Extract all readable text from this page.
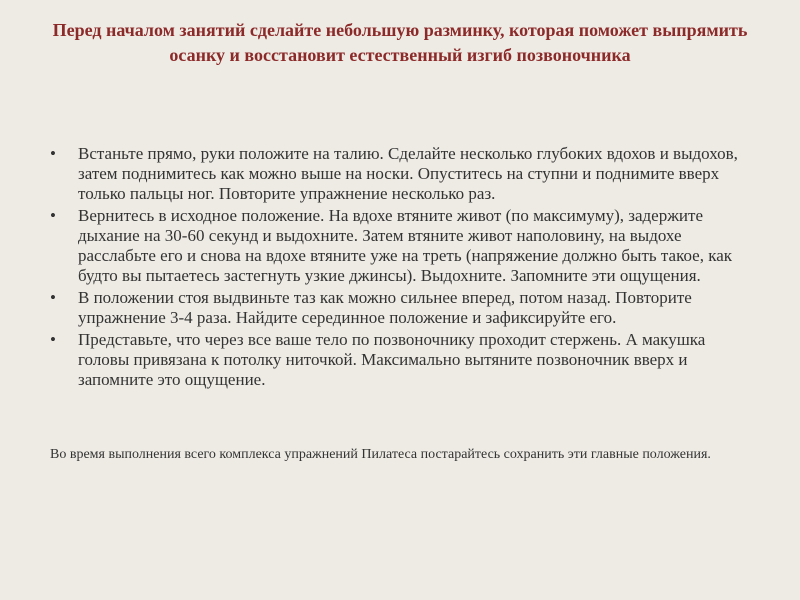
Перед началом занятий сделайте небольшую разминку, которая поможет выпрямить осанку и восстановит естественный изгиб позвоночника
•	Встаньте прямо, руки положите на талию. Сделайте несколько глубоких вдохов и выдохов, затем поднимитесь как можно выше на носки. Опуститесь на ступни и поднимите вверх только пальцы ног. Повторите упражнение несколько раз.
•	Вернитесь в исходное положение. На вдохе втяните живот (по максимуму), задержите дыхание на 30-60 секунд и выдохните. Затем втяните живот наполовину, на выдохе расслабьте его и снова на вдохе втяните уже на треть (напряжение должно быть такое, как будто вы пытаетесь застегнуть узкие джинсы). Выдохните. Запомните эти ощущения.
•	В положении стоя выдвиньте таз как можно сильнее вперед, потом назад. Повторите упражнение 3-4 раза. Найдите серединное положение и зафиксируйте его.
•	Представьте, что через все ваше тело по позвоночнику проходит стержень. А макушка головы привязана к потолку ниточкой. Максимально вытяните позвоночник вверх и запомните это ощущение.

Во время выполнения всего комплекса упражнений Пилатеса постарайтесь сохранить эти главные положения.
